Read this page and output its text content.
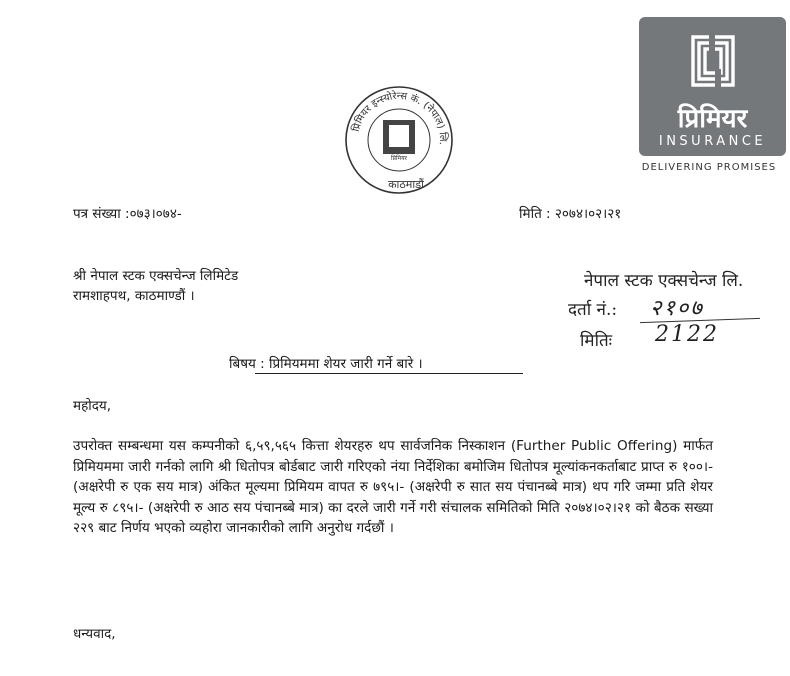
प्रिमियर
INSURANCE
DELIVERING PROMISES
प्रिमियर इन्स्योरेन्स कं. (नेपाल) लि.
प्रिमियर
काठमाडौं
पत्र संख्या :०७३।०७४-	मिति : २०७४।०२।२१
श्री नेपाल स्टक एक्सचेन्ज लिमिटेड
रामशाहपथ, काठमाण्डौं ।
नेपाल स्टक एक्सचेन्ज लि.
दर्ता नं.: २१०७
मितिः 2122
बिषय : प्रिमियममा शेयर जारी गर्ने बारे ।
महोदय,

उपरोक्त सम्बन्धमा यस कम्पनीको ६,५९,५६५ कित्ता शेयरहरु थप सार्वजनिक निस्काशन (Further Public Offering) मार्फत प्रिमियममा जारी गर्नको लागि श्री धितोपत्र बोर्डबाट जारी गरिएको नंया निर्देशिका बमोजिम धितोपत्र मूल्यांकनकर्ताबाट प्राप्त रु १००।- (अक्षरेपी रु एक सय मात्र) अंकित मूल्यमा प्रिमियम वापत रु ७९५।- (अक्षरेपी रु सात सय पंचानब्बे मात्र) थप गरि जम्मा प्रति शेयर मूल्य रु ८९५।- (अक्षरेपी रु आठ सय पंचानब्बे मात्र) का दरले जारी गर्ने गरी संचालक समितिको मिति २०७४।०२।२१ को बैठक सख्या २२९ बाट निर्णय भएको व्यहोरा जानकारीको लागि अनुरोध गर्दछौं ।

धन्यवाद,
